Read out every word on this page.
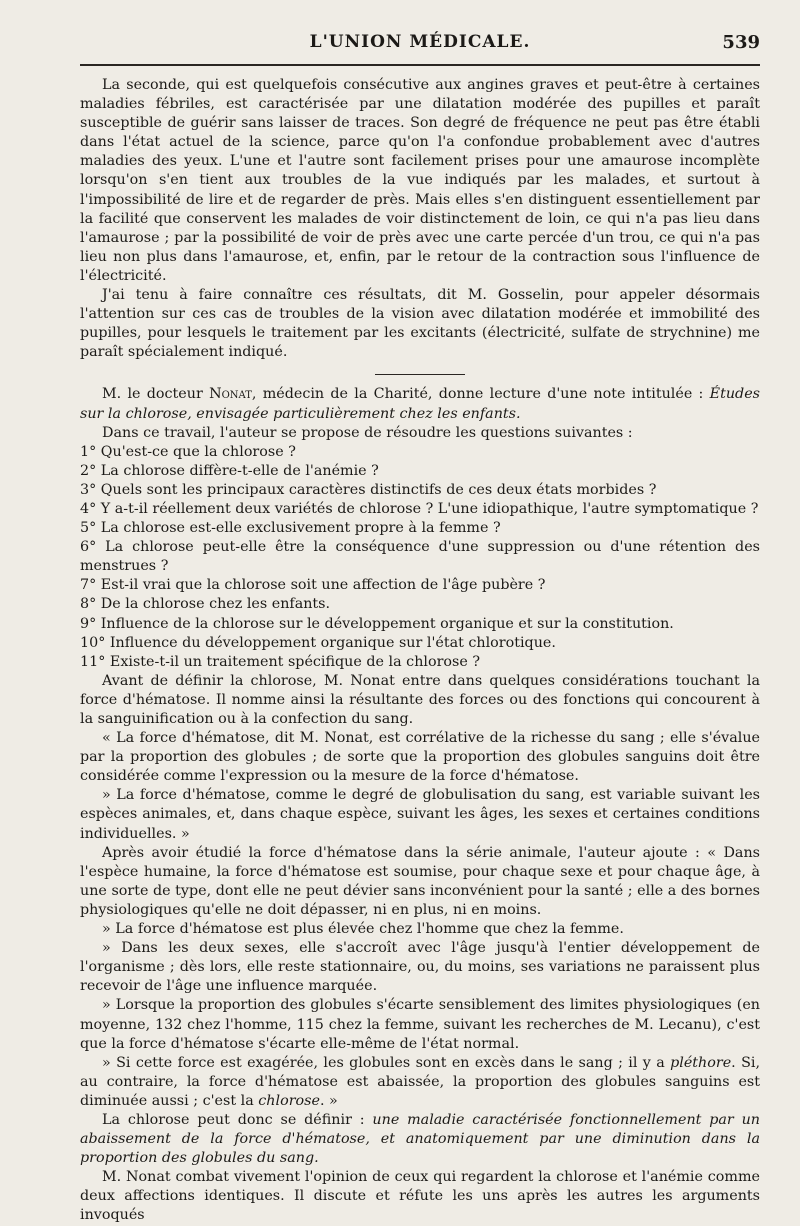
L'UNION MÉDICALE.	539

La seconde, qui est quelquefois consécutive aux angines graves et peut-être à certaines maladies fébriles, est caractérisée par une dilatation modérée des pupilles et paraît susceptible de guérir sans laisser de traces. Son degré de fréquence ne peut pas être établi dans l'état actuel de la science, parce qu'on l'a confondue probablement avec d'autres maladies des yeux. L'une et l'autre sont facilement prises pour une amaurose incomplète lorsqu'on s'en tient aux troubles de la vue indiqués par les malades, et surtout à l'impossibilité de lire et de regarder de près. Mais elles s'en distinguent essentiellement par la facilité que conservent les malades de voir distinctement de loin, ce qui n'a pas lieu dans l'amaurose ; par la possibilité de voir de près avec une carte percée d'un trou, ce qui n'a pas lieu non plus dans l'amaurose, et, enfin, par le retour de la contraction sous l'influence de l'électricité.

J'ai tenu à faire connaître ces résultats, dit M. Gosselin, pour appeler désormais l'attention sur ces cas de troubles de la vision avec dilatation modérée et immobilité des pupilles, pour lesquels le traitement par les excitants (électricité, sulfate de strychnine) me paraît spécialement indiqué.

M. le docteur Nonat, médecin de la Charité, donne lecture d'une note intitulée : Études sur la chlorose, envisagée particulièrement chez les enfants.

Dans ce travail, l'auteur se propose de résoudre les questions suivantes :

1° Qu'est-ce que la chlorose ?
2° La chlorose diffère-t-elle de l'anémie ?
3° Quels sont les principaux caractères distinctifs de ces deux états morbides ?
4° Y a-t-il réellement deux variétés de chlorose ? L'une idiopathique, l'autre symptomatique ?
5° La chlorose est-elle exclusivement propre à la femme ?
6° La chlorose peut-elle être la conséquence d'une suppression ou d'une rétention des menstrues ?
7° Est-il vrai que la chlorose soit une affection de l'âge pubère ?
8° De la chlorose chez les enfants.
9° Influence de la chlorose sur le développement organique et sur la constitution.
10° Influence du développement organique sur l'état chlorotique.
11° Existe-t-il un traitement spécifique de la chlorose ?

Avant de définir la chlorose, M. Nonat entre dans quelques considérations touchant la force d'hématose. Il nomme ainsi la résultante des forces ou des fonctions qui concourent à la sanguinification ou à la confection du sang.

« La force d'hématose, dit M. Nonat, est corrélative de la richesse du sang ; elle s'évalue par la proportion des globules ; de sorte que la proportion des globules sanguins doit être considérée comme l'expression ou la mesure de la force d'hématose.

» La force d'hématose, comme le degré de globulisation du sang, est variable suivant les espèces animales, et, dans chaque espèce, suivant les âges, les sexes et certaines conditions individuelles. »

Après avoir étudié la force d'hématose dans la série animale, l'auteur ajoute : « Dans l'espèce humaine, la force d'hématose est soumise, pour chaque sexe et pour chaque âge, à une sorte de type, dont elle ne peut dévier sans inconvénient pour la santé ; elle a des bornes physiologiques qu'elle ne doit dépasser, ni en plus, ni en moins.

» La force d'hématose est plus élevée chez l'homme que chez la femme.

» Dans les deux sexes, elle s'accroît avec l'âge jusqu'à l'entier développement de l'organisme ; dès lors, elle reste stationnaire, ou, du moins, ses variations ne paraissent plus recevoir de l'âge une influence marquée.

» Lorsque la proportion des globules s'écarte sensiblement des limites physiologiques (en moyenne, 132 chez l'homme, 115 chez la femme, suivant les recherches de M. Lecanu), c'est que la force d'hématose s'écarte elle-même de l'état normal.

» Si cette force est exagérée, les globules sont en excès dans le sang ; il y a pléthore. Si, au contraire, la force d'hématose est abaissée, la proportion des globules sanguins est diminuée aussi ; c'est la chlorose. »

La chlorose peut donc se définir : une maladie caractérisée fonctionnellement par un abaissement de la force d'hématose, et anatomiquement par une diminution dans la proportion des globules du sang.

M. Nonat combat vivement l'opinion de ceux qui regardent la chlorose et l'anémie comme deux affections identiques. Il discute et réfute les uns après les autres les arguments invoqués
